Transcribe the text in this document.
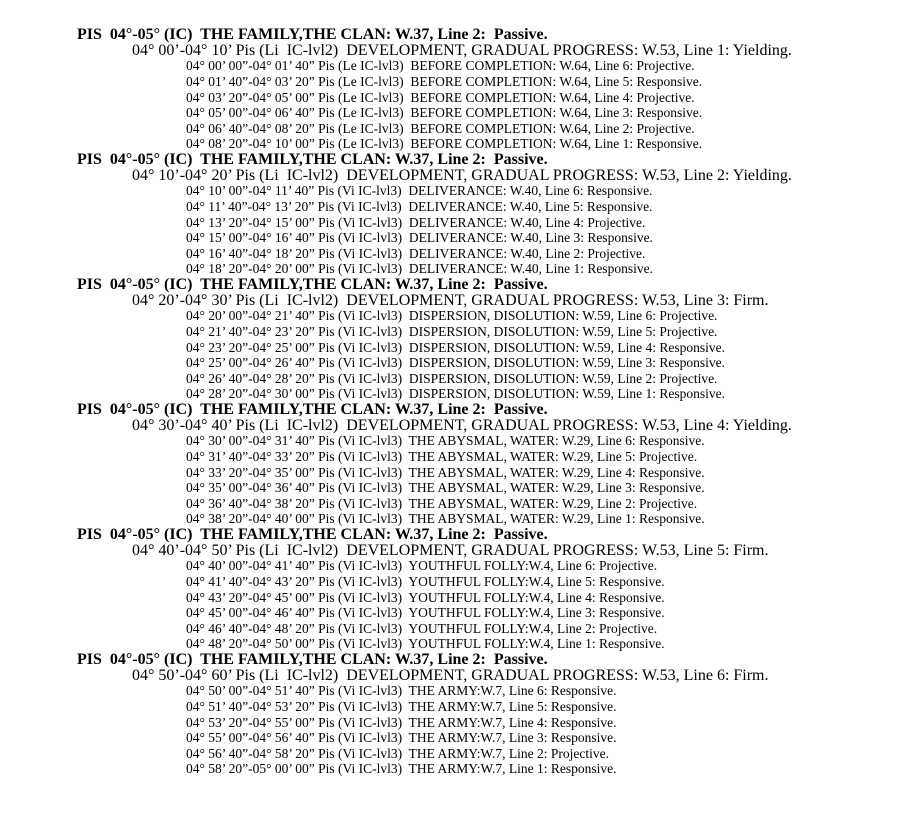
PIS  04°-05° (IC)  THE FAMILY,THE CLAN: W.37, Line 2:  Passive.

04° 00’-04° 10’ Pis (Li  IC-lvl2)  DEVELOPMENT, GRADUAL PROGRESS: W.53, Line 1: Yielding.

04° 00’ 00”-04° 01’ 40” Pis (Le IC-lvl3)  BEFORE COMPLETION: W.64, Line 6: Projective.

04° 01’ 40”-04° 03’ 20” Pis (Le IC-lvl3)  BEFORE COMPLETION: W.64, Line 5: Responsive.

04° 03’ 20”-04° 05’ 00” Pis (Le IC-lvl3)  BEFORE COMPLETION: W.64, Line 4: Projective.

04° 05’ 00”-04° 06’ 40” Pis (Le IC-lvl3)  BEFORE COMPLETION: W.64, Line 3: Responsive.

04° 06’ 40”-04° 08’ 20” Pis (Le IC-lvl3)  BEFORE COMPLETION: W.64, Line 2: Projective.

04° 08’ 20”-04° 10’ 00” Pis (Le IC-lvl3)  BEFORE COMPLETION: W.64, Line 1: Responsive.

PIS  04°-05° (IC)  THE FAMILY,THE CLAN: W.37, Line 2:  Passive.

04° 10’-04° 20’ Pis (Li  IC-lvl2)  DEVELOPMENT, GRADUAL PROGRESS: W.53, Line 2: Yielding.

04° 10’ 00”-04° 11’ 40” Pis (Vi IC-lvl3)  DELIVERANCE: W.40, Line 6: Responsive.

04° 11’ 40”-04° 13’ 20” Pis (Vi IC-lvl3)  DELIVERANCE: W.40, Line 5: Responsive.

04° 13’ 20”-04° 15’ 00” Pis (Vi IC-lvl3)  DELIVERANCE: W.40, Line 4: Projective.

04° 15’ 00”-04° 16’ 40” Pis (Vi IC-lvl3)  DELIVERANCE: W.40, Line 3: Responsive.

04° 16’ 40”-04° 18’ 20” Pis (Vi IC-lvl3)  DELIVERANCE: W.40, Line 2: Projective.

04° 18’ 20”-04° 20’ 00” Pis (Vi IC-lvl3)  DELIVERANCE: W.40, Line 1: Responsive.

PIS  04°-05° (IC)  THE FAMILY,THE CLAN: W.37, Line 2:  Passive.

04° 20’-04° 30’ Pis (Li  IC-lvl2)  DEVELOPMENT, GRADUAL PROGRESS: W.53, Line 3: Firm.

04° 20’ 00”-04° 21’ 40” Pis (Vi IC-lvl3)  DISPERSION, DISOLUTION: W.59, Line 6: Projective.

04° 21’ 40”-04° 23’ 20” Pis (Vi IC-lvl3)  DISPERSION, DISOLUTION: W.59, Line 5: Projective.

04° 23’ 20”-04° 25’ 00” Pis (Vi IC-lvl3)  DISPERSION, DISOLUTION: W.59, Line 4: Responsive.

04° 25’ 00”-04° 26’ 40” Pis (Vi IC-lvl3)  DISPERSION, DISOLUTION: W.59, Line 3: Responsive.

04° 26’ 40”-04° 28’ 20” Pis (Vi IC-lvl3)  DISPERSION, DISOLUTION: W.59, Line 2: Projective.

04° 28’ 20”-04° 30’ 00” Pis (Vi IC-lvl3)  DISPERSION, DISOLUTION: W.59, Line 1: Responsive.

PIS  04°-05° (IC)  THE FAMILY,THE CLAN: W.37, Line 2:  Passive.

04° 30’-04° 40’ Pis (Li  IC-lvl2)  DEVELOPMENT, GRADUAL PROGRESS: W.53, Line 4: Yielding.

04° 30’ 00”-04° 31’ 40” Pis (Vi IC-lvl3)  THE ABYSMAL, WATER: W.29, Line 6: Responsive.

04° 31’ 40”-04° 33’ 20” Pis (Vi IC-lvl3)  THE ABYSMAL, WATER: W.29, Line 5: Projective.

04° 33’ 20”-04° 35’ 00” Pis (Vi IC-lvl3)  THE ABYSMAL, WATER: W.29, Line 4: Responsive.

04° 35’ 00”-04° 36’ 40” Pis (Vi IC-lvl3)  THE ABYSMAL, WATER: W.29, Line 3: Responsive.

04° 36’ 40”-04° 38’ 20” Pis (Vi IC-lvl3)  THE ABYSMAL, WATER: W.29, Line 2: Projective.

04° 38’ 20”-04° 40’ 00” Pis (Vi IC-lvl3)  THE ABYSMAL, WATER: W.29, Line 1: Responsive.

PIS  04°-05° (IC)  THE FAMILY,THE CLAN: W.37, Line 2:  Passive.

04° 40’-04° 50’ Pis (Li  IC-lvl2)  DEVELOPMENT, GRADUAL PROGRESS: W.53, Line 5: Firm.

04° 40’ 00”-04° 41’ 40” Pis (Vi IC-lvl3)  YOUTHFUL FOLLY:W.4, Line 6: Projective.

04° 41’ 40”-04° 43’ 20” Pis (Vi IC-lvl3)  YOUTHFUL FOLLY:W.4, Line 5: Responsive.

04° 43’ 20”-04° 45’ 00” Pis (Vi IC-lvl3)  YOUTHFUL FOLLY:W.4, Line 4: Responsive.

04° 45’ 00”-04° 46’ 40” Pis (Vi IC-lvl3)  YOUTHFUL FOLLY:W.4, Line 3: Responsive.

04° 46’ 40”-04° 48’ 20” Pis (Vi IC-lvl3)  YOUTHFUL FOLLY:W.4, Line 2: Projective.

04° 48’ 20”-04° 50’ 00” Pis (Vi IC-lvl3)  YOUTHFUL FOLLY:W.4, Line 1: Responsive.

PIS  04°-05° (IC)  THE FAMILY,THE CLAN: W.37, Line 2:  Passive.

04° 50’-04° 60’ Pis (Li  IC-lvl2)  DEVELOPMENT, GRADUAL PROGRESS: W.53, Line 6: Firm.

04° 50’ 00”-04° 51’ 40” Pis (Vi IC-lvl3)  THE ARMY:W.7, Line 6: Responsive.

04° 51’ 40”-04° 53’ 20” Pis (Vi IC-lvl3)  THE ARMY:W.7, Line 5: Responsive.

04° 53’ 20”-04° 55’ 00” Pis (Vi IC-lvl3)  THE ARMY:W.7, Line 4: Responsive.

04° 55’ 00”-04° 56’ 40” Pis (Vi IC-lvl3)  THE ARMY:W.7, Line 3: Responsive.

04° 56’ 40”-04° 58’ 20” Pis (Vi IC-lvl3)  THE ARMY:W.7, Line 2: Projective.

04° 58’ 20”-05° 00’ 00” Pis (Vi IC-lvl3)  THE ARMY:W.7, Line 1: Responsive.
